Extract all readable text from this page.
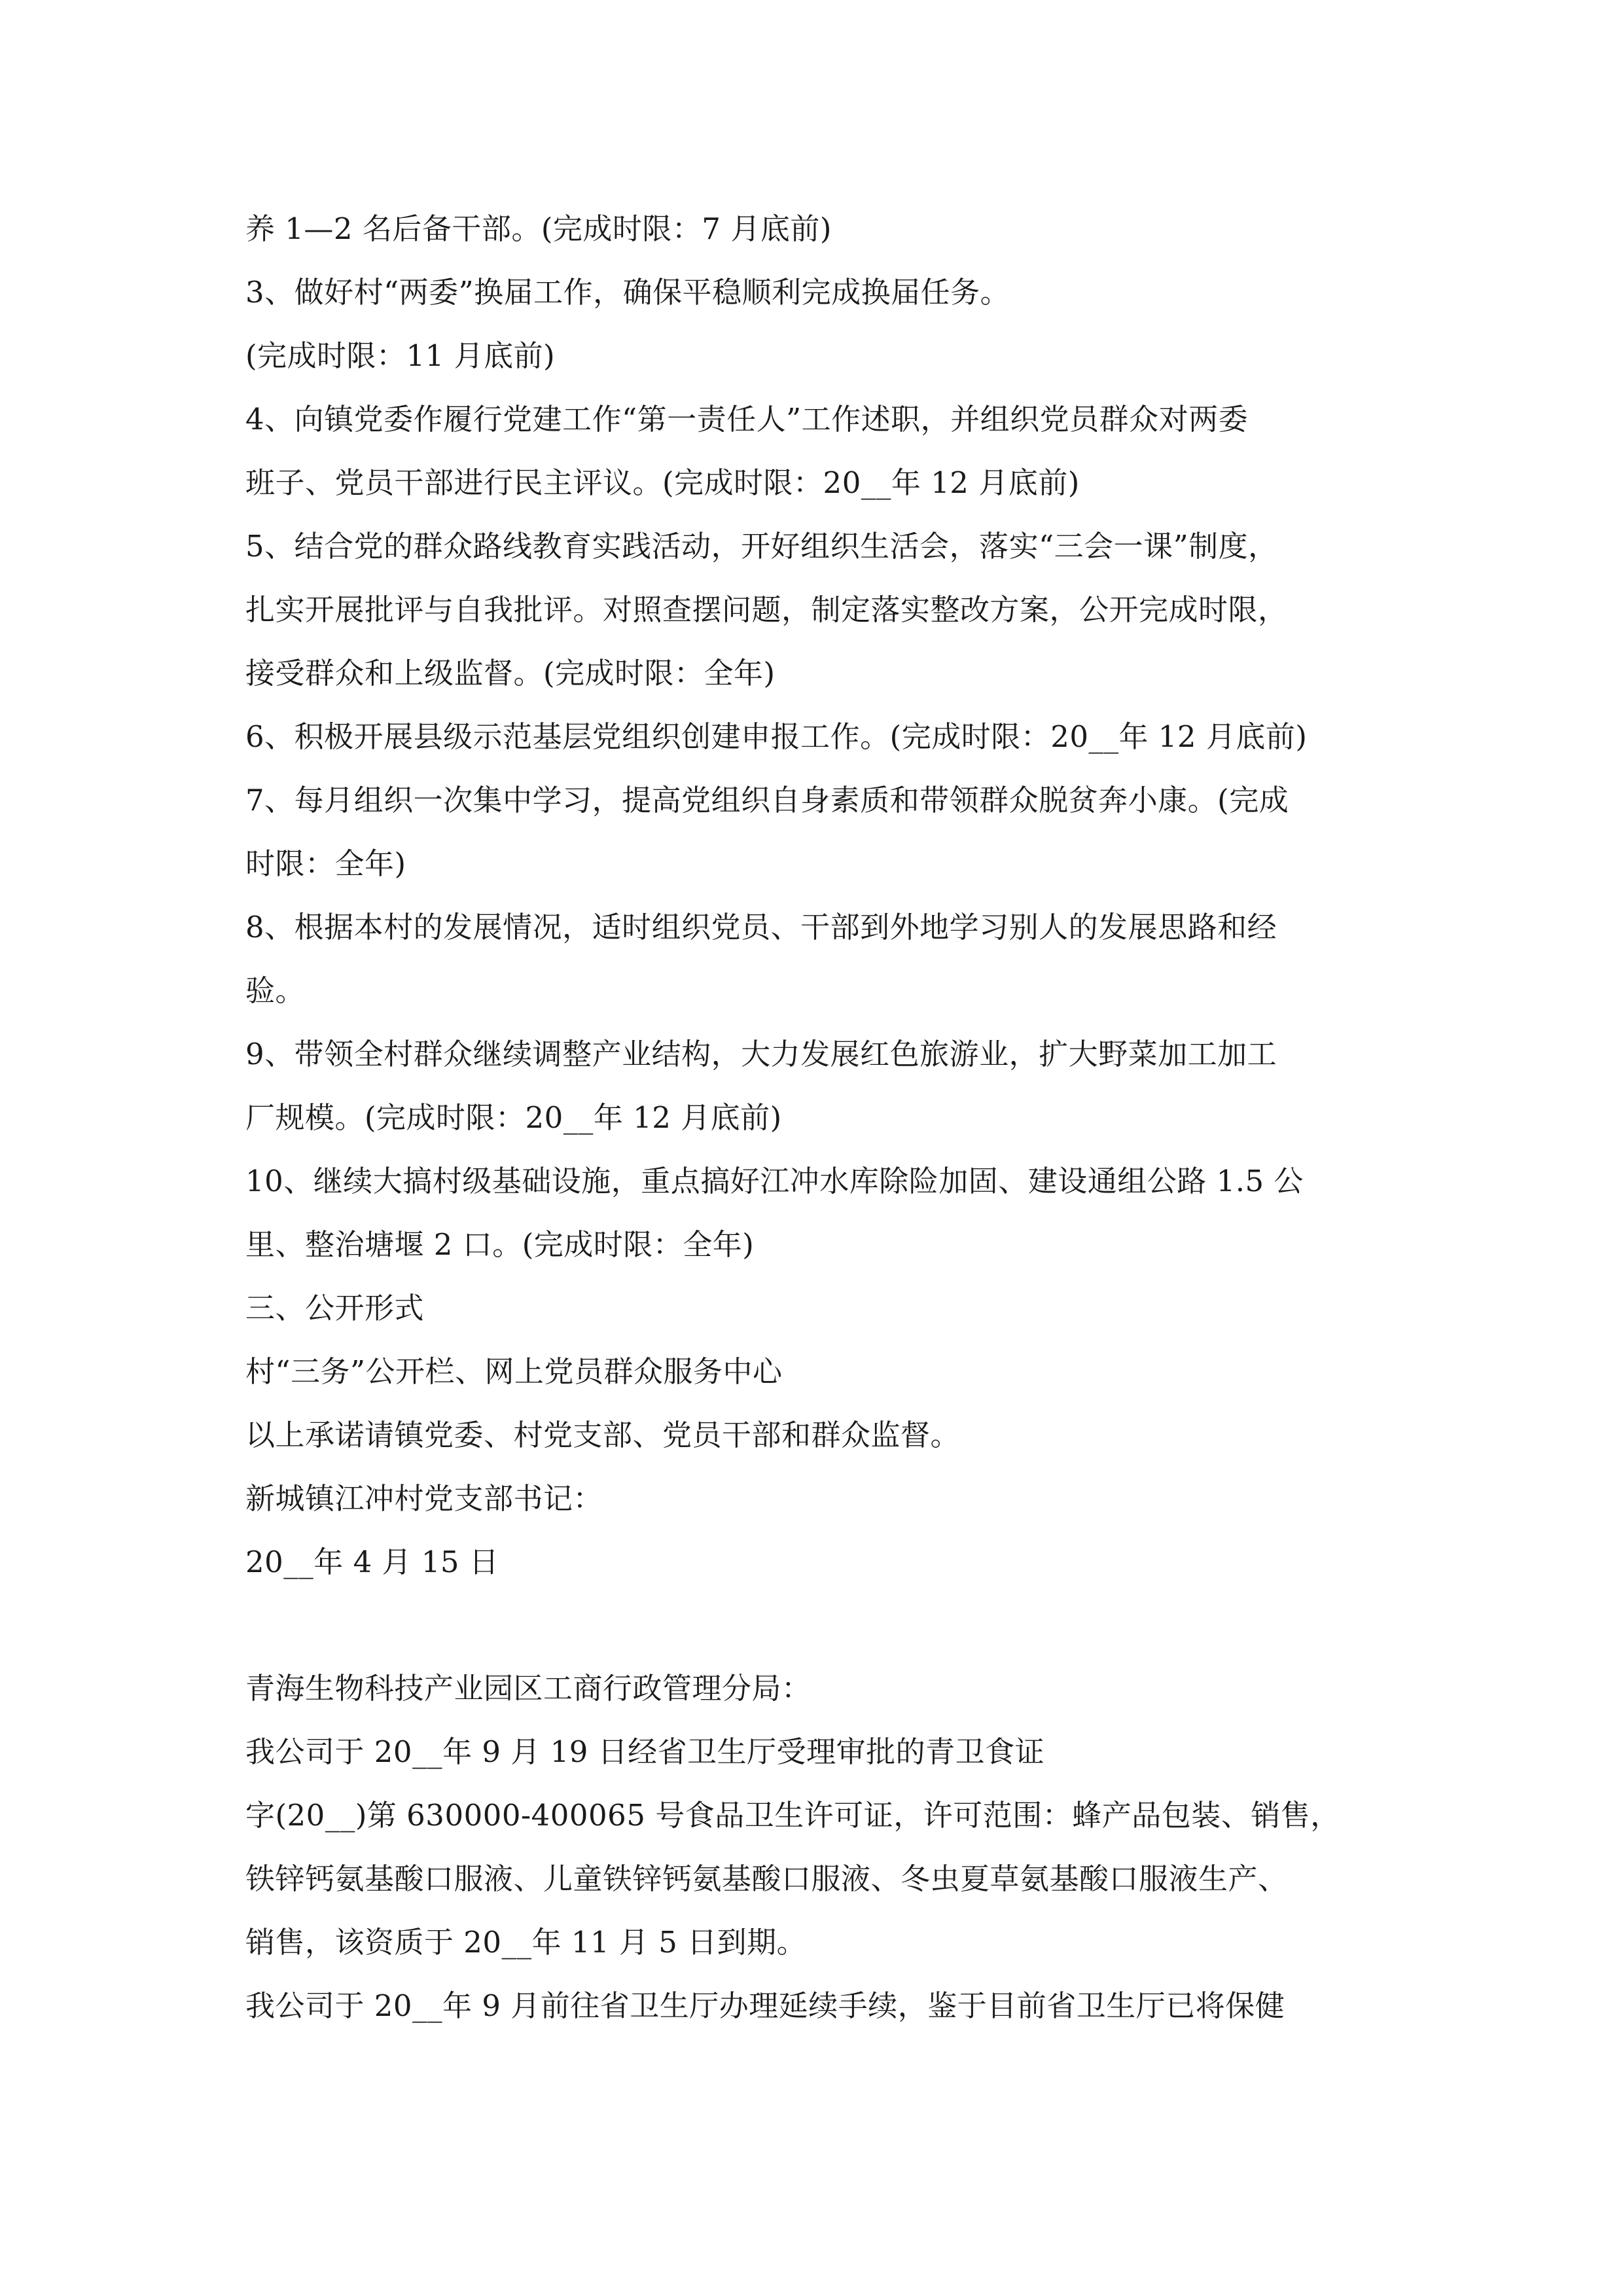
养 1—2 名后备干部。(完成时限：7 月底前)
3、做好村“两委”换届工作，确保平稳顺利完成换届任务。
(完成时限：11 月底前)
4、向镇党委作履行党建工作“第一责任人”工作述职，并组织党员群众对两委
班子、党员干部进行民主评议。(完成时限：20__年 12 月底前)
5、结合党的群众路线教育实践活动，开好组织生活会，落实“三会一课”制度，
扎实开展批评与自我批评。对照查摆问题，制定落实整改方案，公开完成时限，
接受群众和上级监督。(完成时限：全年)
6、积极开展县级示范基层党组织创建申报工作。(完成时限：20__年 12 月底前)
7、每月组织一次集中学习，提高党组织自身素质和带领群众脱贫奔小康。(完成
时限：全年)
8、根据本村的发展情况，适时组织党员、干部到外地学习别人的发展思路和经
验。
9、带领全村群众继续调整产业结构，大力发展红色旅游业，扩大野菜加工加工
厂规模。(完成时限：20__年 12 月底前)
10、继续大搞村级基础设施，重点搞好江冲水库除险加固、建设通组公路 1.5 公
里、整治塘堰 2 口。(完成时限：全年)
三、公开形式
村“三务”公开栏、网上党员群众服务中心
以上承诺请镇党委、村党支部、党员干部和群众监督。
新城镇江冲村党支部书记：
20__年 4 月 15 日
青海生物科技产业园区工商行政管理分局：
我公司于 20__年 9 月 19 日经省卫生厅受理审批的青卫食证
字(20__)第 630000-400065 号食品卫生许可证，许可范围：蜂产品包装、销售，
铁锌钙氨基酸口服液、儿童铁锌钙氨基酸口服液、冬虫夏草氨基酸口服液生产、
销售，该资质于 20__年 11 月 5 日到期。
我公司于 20__年 9 月前往省卫生厅办理延续手续，鉴于目前省卫生厅已将保健
